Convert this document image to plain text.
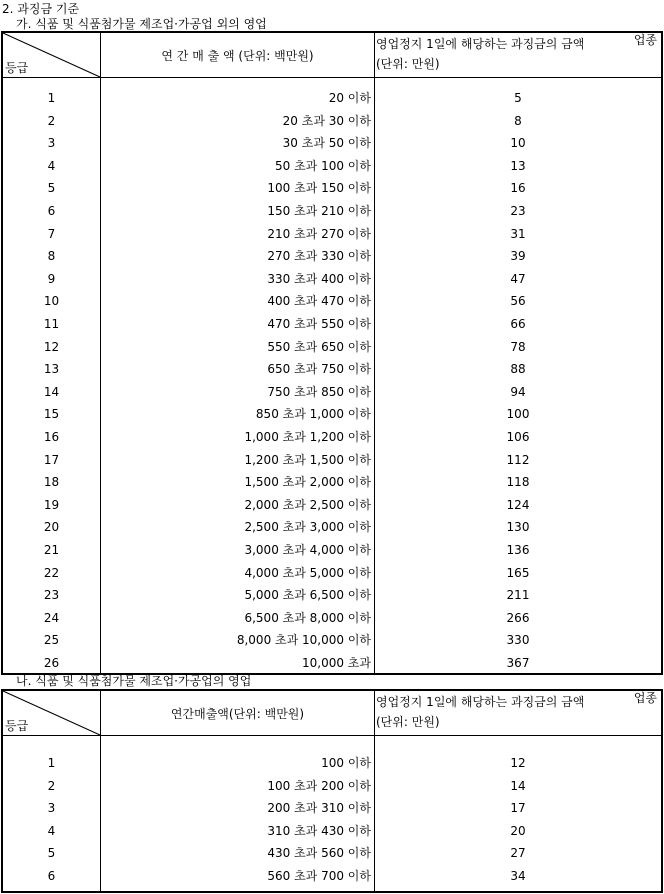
2. 과징금 기준
가. 식품 및 식품첨가물 제조업·가공업 외의 영업
업종
등급
연 간 매 출 액 (단위: 백만원)
영업정지 1일에 해당하는 과징금의 금액
(단위: 만원)
1	20 이하	5
2	20 초과 30 이하	8
3	30 초과 50 이하	10
4	50 초과 100 이하	13
5	100 초과 150 이하	16
6	150 초과 210 이하	23
7	210 초과 270 이하	31
8	270 초과 330 이하	39
9	330 초과 400 이하	47
10	400 초과 470 이하	56
11	470 초과 550 이하	66
12	550 초과 650 이하	78
13	650 초과 750 이하	88
14	750 초과 850 이하	94
15	850 초과 1,000 이하	100
16	1,000 초과 1,200 이하	106
17	1,200 초과 1,500 이하	112
18	1,500 초과 2,000 이하	118
19	2,000 초과 2,500 이하	124
20	2,500 초과 3,000 이하	130
21	3,000 초과 4,000 이하	136
22	4,000 초과 5,000 이하	165
23	5,000 초과 6,500 이하	211
24	6,500 초과 8,000 이하	266
25	8,000 초과 10,000 이하	330
26	10,000 초과	367
나. 식품 및 식품첨가물 제조업·가공업의 영업
업종
등급
연간매출액(단위: 백만원)
영업정지 1일에 해당하는 과징금의 금액
(단위: 만원)
1	100 이하	12
2	100 초과 200 이하	14
3	200 초과 310 이하	17
4	310 초과 430 이하	20
5	430 초과 560 이하	27
6	560 초과 700 이하	34
